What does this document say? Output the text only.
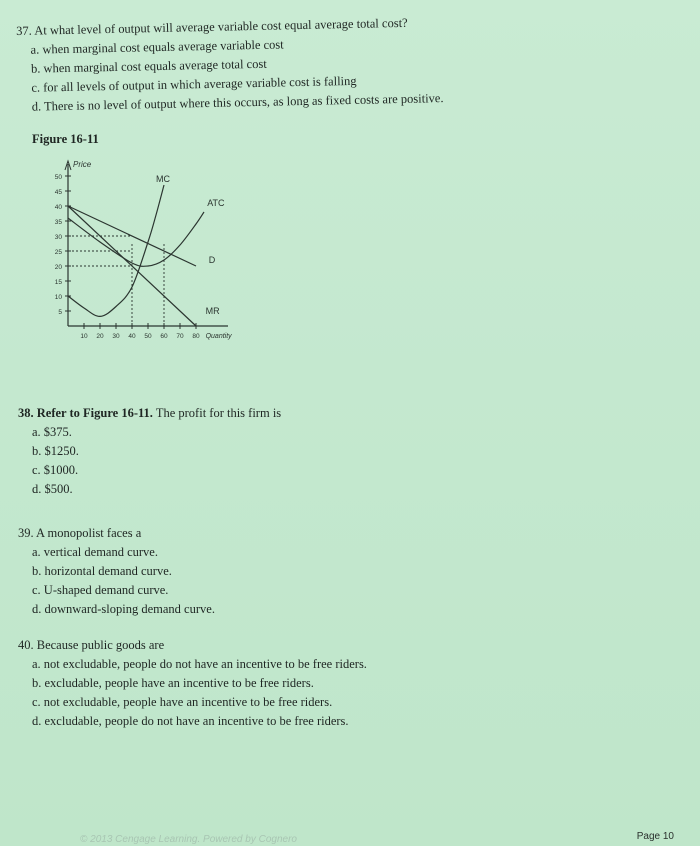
37. At what level of output will average variable cost equal average total cost?
a. when marginal cost equals average variable cost
b. when marginal cost equals average total cost
c. for all levels of output in which average variable cost is falling
d. There is no level of output where this occurs, as long as fixed costs are positive.
Figure 16-11
5
10
15
20
25
30
35
40
45
50
10 20 30 40 50 60 70 80
Price
Quantity
MC
ATC
D
MR
38. Refer to Figure 16-11. The profit for this firm is
a. $375.
b. $1250.
c. $1000.
d. $500.
39. A monopolist faces a
a. vertical demand curve.
b. horizontal demand curve.
c. U-shaped demand curve.
d. downward-sloping demand curve.
40. Because public goods are
a. not excludable, people do not have an incentive to be free riders.
b. excludable, people have an incentive to be free riders.
c. not excludable, people have an incentive to be free riders.
d. excludable, people do not have an incentive to be free riders.
© 2013 Cengage Learning. Powered by Cognero	Page 10
